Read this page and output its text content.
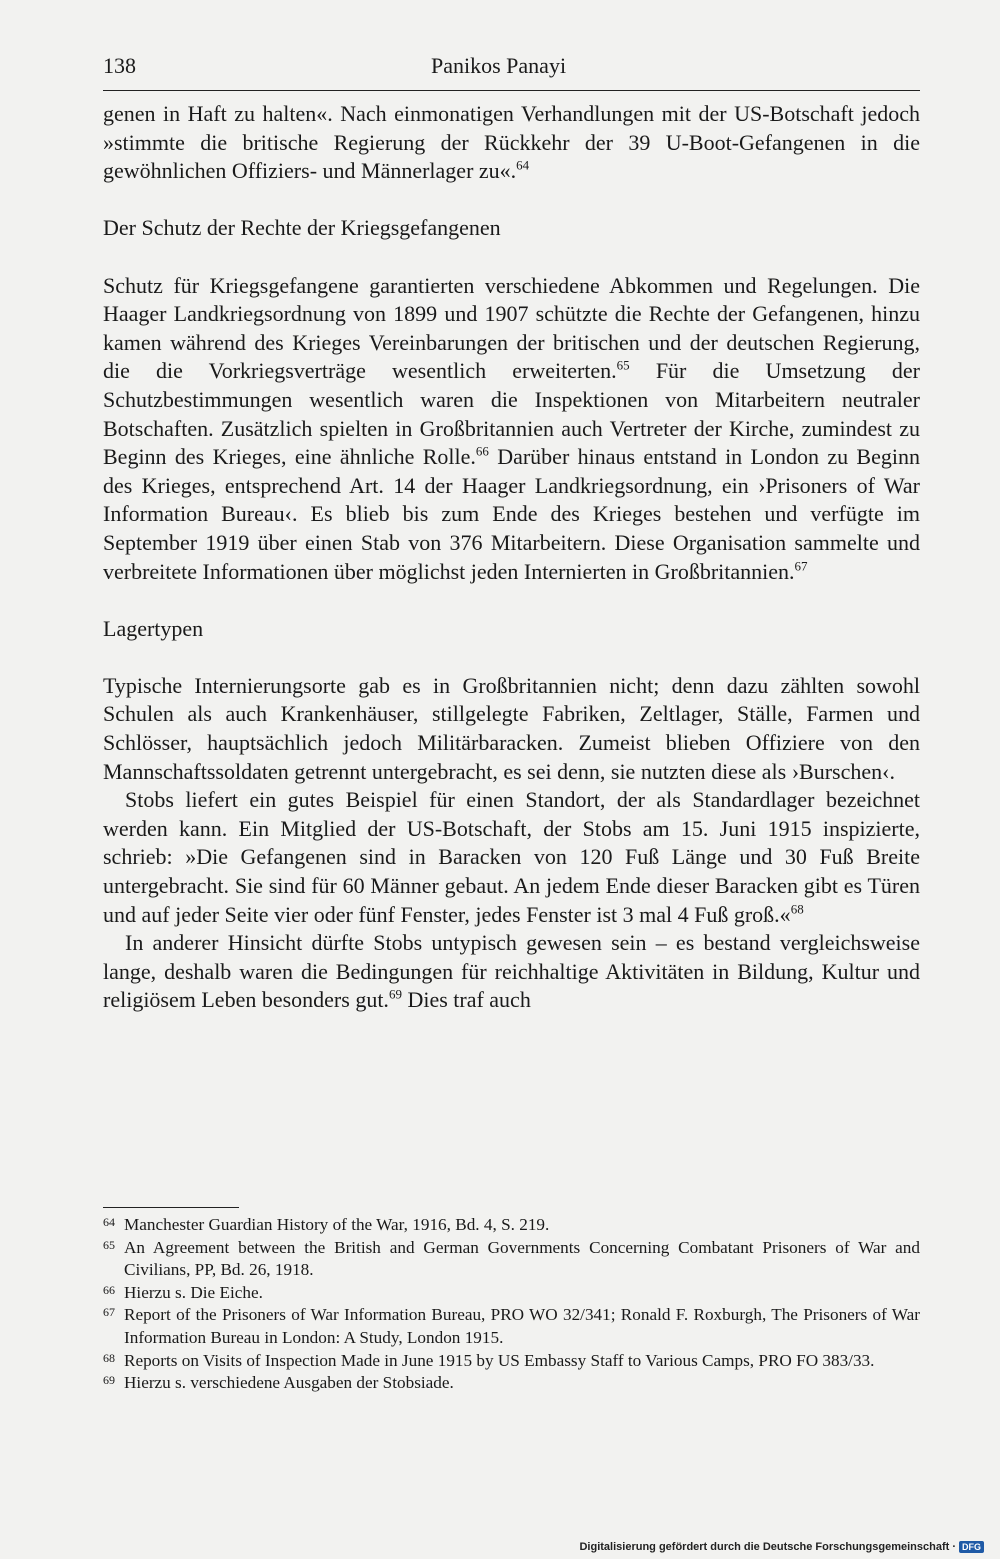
138	Panikos Panayi

genen in Haft zu halten«. Nach einmonatigen Verhandlungen mit der US-Botschaft jedoch »stimmte die britische Regierung der Rückkehr der 39 U-Boot-Gefangenen in die gewöhnlichen Offiziers- und Männerlager zu«.$^{64}$

Der Schutz der Rechte der Kriegsgefangenen

Schutz für Kriegsgefangene garantierten verschiedene Abkommen und Regelungen. Die Haager Landkriegsordnung von 1899 und 1907 schützte die Rechte der Gefangenen, hinzu kamen während des Krieges Vereinbarungen der britischen und der deutschen Regierung, die die Vorkriegsverträge wesentlich erweiterten.$^{65}$ Für die Umsetzung der Schutzbestimmungen wesentlich waren die Inspektionen von Mitarbeitern neutraler Botschaften. Zusätzlich spielten in Großbritannien auch Vertreter der Kirche, zumindest zu Beginn des Krieges, eine ähnliche Rolle.$^{66}$ Darüber hinaus entstand in London zu Beginn des Krieges, entsprechend Art. 14 der Haager Landkriegsordnung, ein ›Prisoners of War Information Bureau‹. Es blieb bis zum Ende des Krieges bestehen und verfügte im September 1919 über einen Stab von 376 Mitarbeitern. Diese Organisation sammelte und verbreitete Informationen über möglichst jeden Internierten in Großbritannien.$^{67}$

Lagertypen

Typische Internierungsorte gab es in Großbritannien nicht; denn dazu zählten sowohl Schulen als auch Krankenhäuser, stillgelegte Fabriken, Zeltlager, Ställe, Farmen und Schlösser, hauptsächlich jedoch Militärbaracken. Zumeist blieben Offiziere von den Mannschaftssoldaten getrennt untergebracht, es sei denn, sie nutzten diese als ›Burschen‹.

Stobs liefert ein gutes Beispiel für einen Standort, der als Standardlager bezeichnet werden kann. Ein Mitglied der US-Botschaft, der Stobs am 15. Juni 1915 inspizierte, schrieb: »Die Gefangenen sind in Baracken von 120 Fuß Länge und 30 Fuß Breite untergebracht. Sie sind für 60 Männer gebaut. An jedem Ende dieser Baracken gibt es Türen und auf jeder Seite vier oder fünf Fenster, jedes Fenster ist 3 mal 4 Fuß groß.«$^{68}$

In anderer Hinsicht dürfte Stobs untypisch gewesen sein – es bestand vergleichsweise lange, deshalb waren die Bedingungen für reichhaltige Aktivitäten in Bildung, Kultur und religiösem Leben besonders gut.$^{69}$ Dies traf auch

64 Manchester Guardian History of the War, 1916, Bd. 4, S. 219.

65 An Agreement between the British and German Governments Concerning Combatant Prisoners of War and Civilians, PP, Bd. 26, 1918.

66 Hierzu s. Die Eiche.

67 Report of the Prisoners of War Information Bureau, PRO WO 32/341; Ronald F. Roxburgh, The Prisoners of War Information Bureau in London: A Study, London 1915.

68 Reports on Visits of Inspection Made in June 1915 by US Embassy Staff to Various Camps, PRO FO 383/33.

69 Hierzu s. verschiedene Ausgaben der Stobsiade.

Digitalisierung gefördert durch die Deutsche Forschungsgemeinschaft · DFG
